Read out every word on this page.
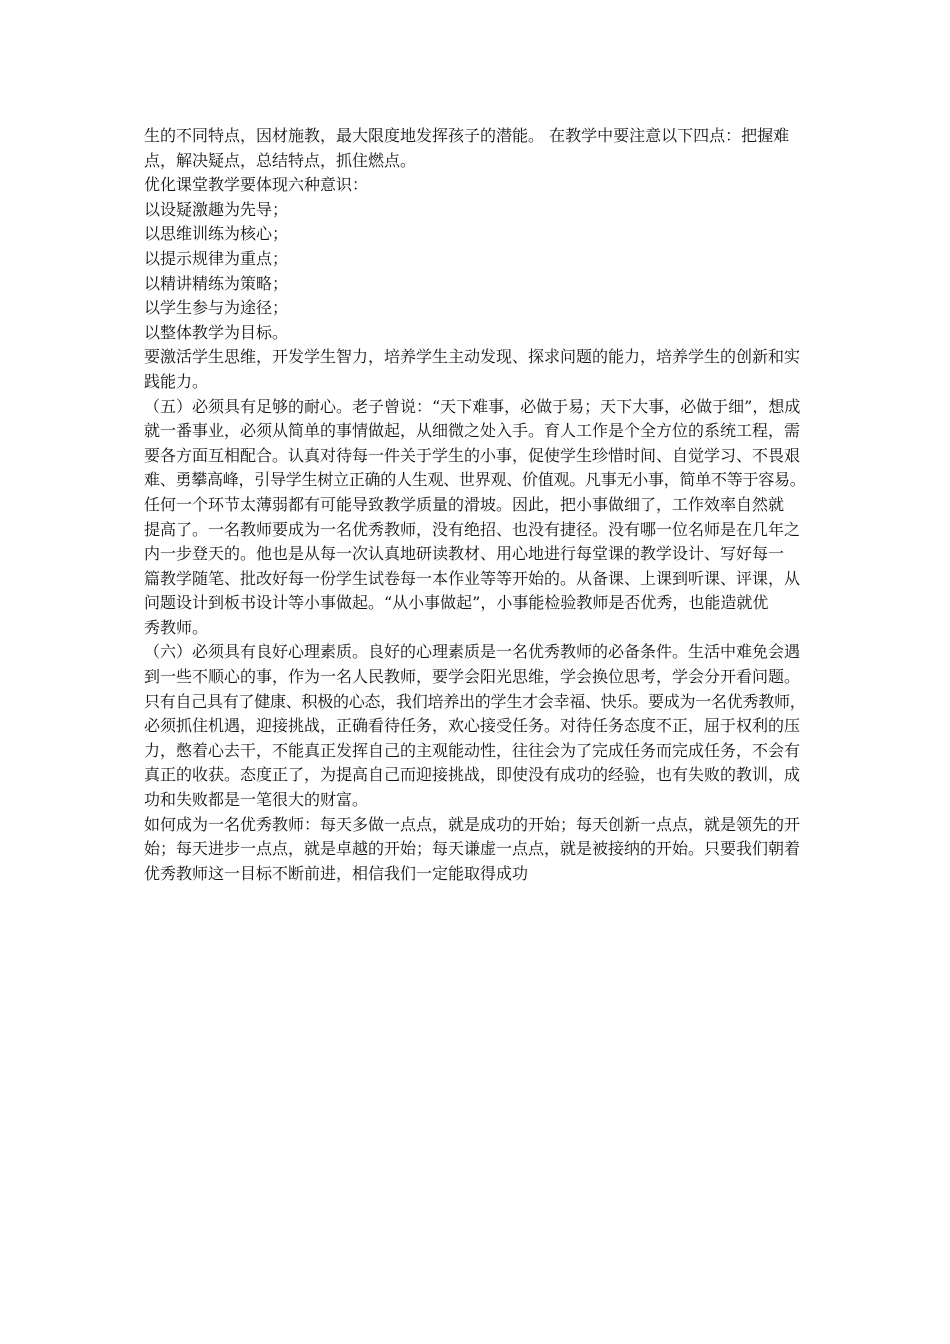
生的不同特点，因材施教，最大限度地发挥孩子的潜能。 在教学中要注意以下四点：把握难
点，解决疑点，总结特点，抓住燃点。
优化课堂教学要体现六种意识：
以设疑激趣为先导；
以思维训练为核心；
以提示规律为重点；
以精讲精练为策略；
以学生参与为途径；
以整体教学为目标。
要激活学生思维，开发学生智力，培养学生主动发现、探求问题的能力，培养学生的创新和实
践能力。
（五）必须具有足够的耐心。老子曾说：“天下难事，必做于易；天下大事，必做于细”，想成
就一番事业，必须从简单的事情做起，从细微之处入手。育人工作是个全方位的系统工程，需
要各方面互相配合。认真对待每一件关于学生的小事，促使学生珍惜时间、自觉学习、不畏艰
难、勇攀高峰，引导学生树立正确的人生观、世界观、价值观。凡事无小事，简单不等于容易。
任何一个环节太薄弱都有可能导致教学质量的滑坡。因此，把小事做细了，工作效率自然就
提高了。一名教师要成为一名优秀教师，没有绝招、也没有捷径。没有哪一位名师是在几年之
内一步登天的。他也是从每一次认真地研读教材、用心地进行每堂课的教学设计、写好每一
篇教学随笔、批改好每一份学生试卷每一本作业等等开始的。从备课、上课到听课、评课，从
问题设计到板书设计等小事做起。“从小事做起”，小事能检验教师是否优秀，也能造就优
秀教师。
（六）必须具有良好心理素质。良好的心理素质是一名优秀教师的必备条件。生活中难免会遇
到一些不顺心的事，作为一名人民教师，要学会阳光思维，学会换位思考，学会分开看问题。
只有自己具有了健康、积极的心态，我们培养出的学生才会幸福、快乐。要成为一名优秀教师，
必须抓住机遇，迎接挑战，正确看待任务，欢心接受任务。对待任务态度不正，屈于权利的压
力，憋着心去干，不能真正发挥自己的主观能动性，往往会为了完成任务而完成任务，不会有
真正的收获。态度正了，为提高自己而迎接挑战，即使没有成功的经验，也有失败的教训，成
功和失败都是一笔很大的财富。
如何成为一名优秀教师：每天多做一点点，就是成功的开始；每天创新一点点，就是领先的开
始；每天进步一点点，就是卓越的开始；每天谦虚一点点，就是被接纳的开始。只要我们朝着
优秀教师这一目标不断前进，相信我们一定能取得成功
